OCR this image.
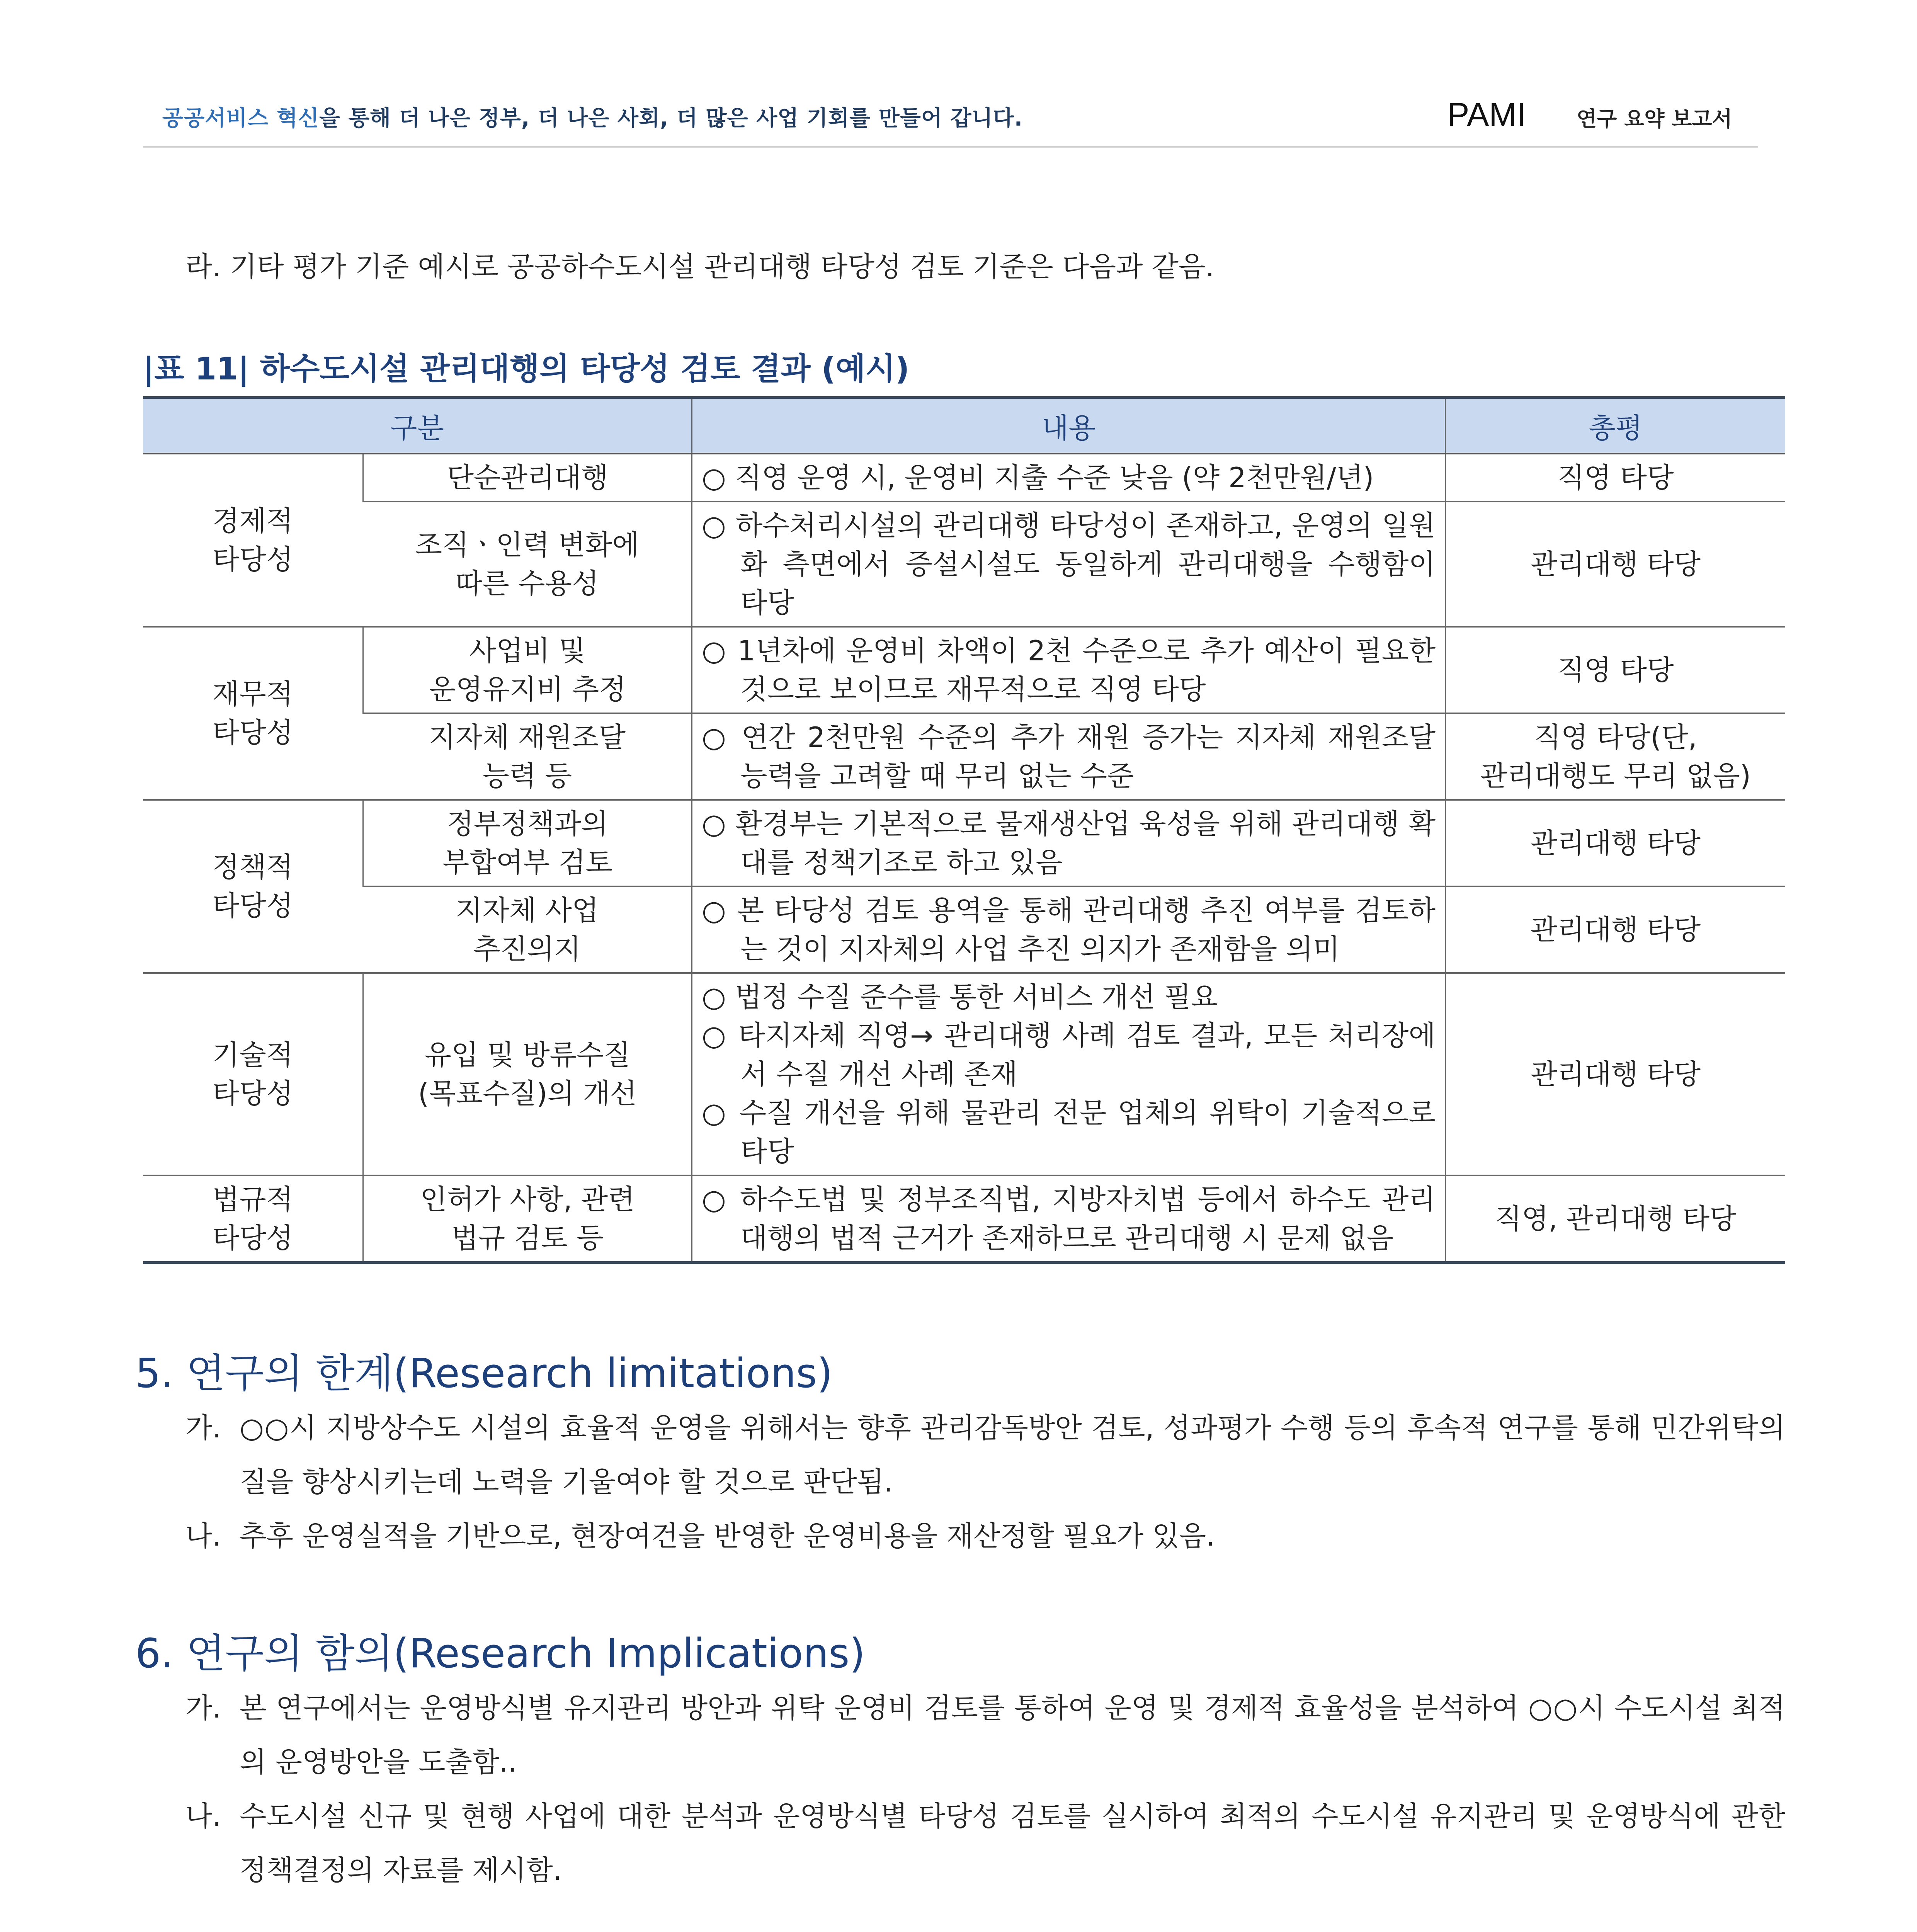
공공서비스 혁신을 통해 더 나은 정부, 더 나은 사회, 더 많은 사업 기회를 만들어 갑니다.	PAMI 연구 요약 보고서
라. 기타 평가 기준 예시로 공공하수도시설 관리대행 타당성 검토 기준은 다음과 같음.
|표 11| 하수도시설 관리대행의 타당성 검토 결과 (예시)
구분		내용	총평
경제적
타당성	단순관리대행	○ 직영 운영 시, 운영비 지출 수준 낮음 (약 2천만원/년)	직영 타당
	조직ㆍ인력 변화에
따른 수용성	○ 하수처리시설의 관리대행 타당성이 존재하고, 운영의 일원화 측면에서 증설시설도 동일하게 관리대행을 수행함이 타당	관리대행 타당
재무적
타당성	사업비 및
운영유지비 추정	○ 1년차에 운영비 차액이 2천 수준으로 추가 예산이 필요한 것으로 보이므로 재무적으로 직영 타당	직영 타당
	지자체 재원조달
능력 등	○ 연간 2천만원 수준의 추가 재원 증가는 지자체 재원조달 능력을 고려할 때 무리 없는 수준	직영 타당(단,
관리대행도 무리 없음)
정책적
타당성	정부정책과의
부합여부 검토	○ 환경부는 기본적으로 물재생산업 육성을 위해 관리대행 확대를 정책기조로 하고 있음	관리대행 타당
	지자체 사업
추진의지	○ 본 타당성 검토 용역을 통해 관리대행 추진 여부를 검토하는 것이 지자체의 사업 추진 의지가 존재함을 의미	관리대행 타당
기술적
타당성	유입 및 방류수질
(목표수질)의 개선	○ 법정 수질 준수를 통한 서비스 개선 필요
○ 타지자체 직영→ 관리대행 사례 검토 결과, 모든 처리장에서 수질 개선 사례 존재
○ 수질 개선을 위해 물관리 전문 업체의 위탁이 기술적으로 타당	관리대행 타당
법규적
타당성	인허가 사항, 관련
법규 검토 등	○ 하수도법 및 정부조직법, 지방자치법 등에서 하수도 관리대행의 법적 근거가 존재하므로 관리대행 시 문제 없음	직영, 관리대행 타당
5. 연구의 한계(Research limitations)
가. ○○시 지방상수도 시설의 효율적 운영을 위해서는 향후 관리감독방안 검토, 성과평가 수행 등의 후속적 연구를 통해 민간위탁의 질을 향상시키는데 노력을 기울여야 할 것으로 판단됨.
나. 추후 운영실적을 기반으로, 현장여건을 반영한 운영비용을 재산정할 필요가 있음.
6. 연구의 함의(Research Implications)
가. 본 연구에서는 운영방식별 유지관리 방안과 위탁 운영비 검토를 통하여 운영 및 경제적 효율성을 분석하여 ○○시 수도시설 최적의 운영방안을 도출함..
나. 수도시설 신규 및 현행 사업에 대한 분석과 운영방식별 타당성 검토를 실시하여 최적의 수도시설 유지관리 및 운영방식에 관한 정책결정의 자료를 제시함.
